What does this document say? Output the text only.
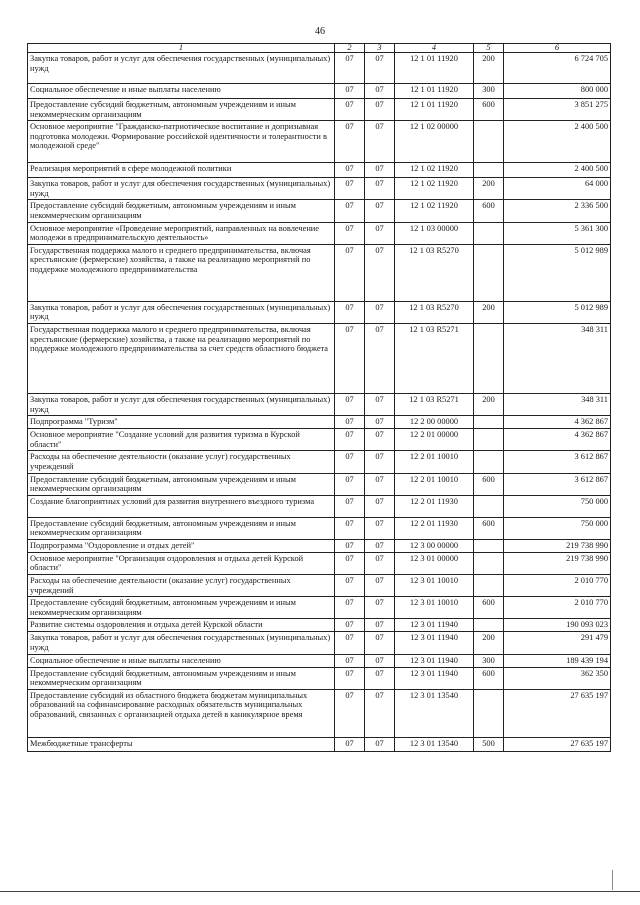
46
1	2	3	4	5	6
Закупка товаров, работ и услуг для обеспечения государственных (муниципальных) нужд	07	07	12 1 01 11920	200	6 724 705
Социальное обеспечение и иные выплаты населению	07	07	12 1 01 11920	300	800 000
Предоставление субсидий бюджетным, автономным учреждениям и иным некоммерческим организациям	07	07	12 1 01 11920	600	3 851 275
Основное мероприятие "Гражданско-патриотическое воспитание и допризывная подготовка молодежи. Формирование российской идентичности и толерантности в молодежной среде"	07	07	12 1 02 00000		2 400 500
Реализация мероприятий в сфере молодежной политики	07	07	12 1 02 11920		2 400 500
Закупка товаров, работ и услуг для обеспечения государственных (муниципальных) нужд	07	07	12 1 02 11920	200	64 000
Предоставление субсидий бюджетным, автономным учреждениям и иным некоммерческим организациям	07	07	12 1 02 11920	600	2 336 500
Основное мероприятие «Проведение мероприятий, направленных на вовлечение молодежи в предпринимательскую деятельность»	07	07	12 1 03 00000		5 361 300
Государственная поддержка малого и среднего предпринимательства, включая крестьянские (фермерские) хозяйства, а также на реализацию мероприятий по поддержке молодежного предпринимательства	07	07	12 1 03 R5270		5 012 989
Закупка товаров, работ и услуг для обеспечения государственных (муниципальных) нужд	07	07	12 1 03 R5270	200	5 012 989
Государственная поддержка малого и среднего предпринимательства, включая крестьянские (фермерские) хозяйства, а также на реализацию мероприятий по поддержке молодежного предпринимательства за счет средств областного бюджета	07	07	12 1 03 R5271		348 311
Закупка товаров, работ и услуг для обеспечения государственных (муниципальных) нужд	07	07	12 1 03 R5271	200	348 311
Подпрограмма "Туризм"	07	07	12 2 00 00000		4 362 867
Основное мероприятие "Создание условий для развития туризма в Курской области"	07	07	12 2 01 00000		4 362 867
Расходы на обеспечение деятельности (оказание услуг) государственных учреждений	07	07	12 2 01 10010		3 612 867
Предоставление субсидий бюджетным, автономным учреждениям и иным некоммерческим организациям	07	07	12 2 01 10010	600	3 612 867
Создание благоприятных условий для развития внутреннего въездного туризма	07	07	12 2 01 11930		750 000
Предоставление субсидий бюджетным, автономным учреждениям и иным некоммерческим организациям	07	07	12 2 01 11930	600	750 000
Подпрограмма "Оздоровление и отдых детей"	07	07	12 3 00 00000		219 738 990
Основное мероприятие "Организация оздоровления и отдыха детей Курской области"	07	07	12 3 01 00000		219 738 990
Расходы на обеспечение деятельности (оказание услуг) государственных учреждений	07	07	12 3 01 10010		2 010 770
Предоставление субсидий бюджетным, автономным учреждениям и иным некоммерческим организациям	07	07	12 3 01 10010	600	2 010 770
Развитие системы оздоровления и отдыха детей Курской области	07	07	12 3 01 11940		190 093 023
Закупка товаров, работ и услуг для обеспечения государственных (муниципальных) нужд	07	07	12 3 01 11940	200	291 479
Социальное обеспечение и иные выплаты населению	07	07	12 3 01 11940	300	189 439 194
Предоставление субсидий бюджетным, автономным учреждениям и иным некоммерческим организациям	07	07	12 3 01 11940	600	362 350
Предоставление субсидий из областного бюджета бюджетам муниципальных образований на софинансирование расходных обязательств муниципальных образований, связанных с организацией отдыха детей в каникулярное время	07	07	12 3 01 13540		27 635 197
Межбюджетные трансферты	07	07	12 3 01 13540	500	27 635 197
